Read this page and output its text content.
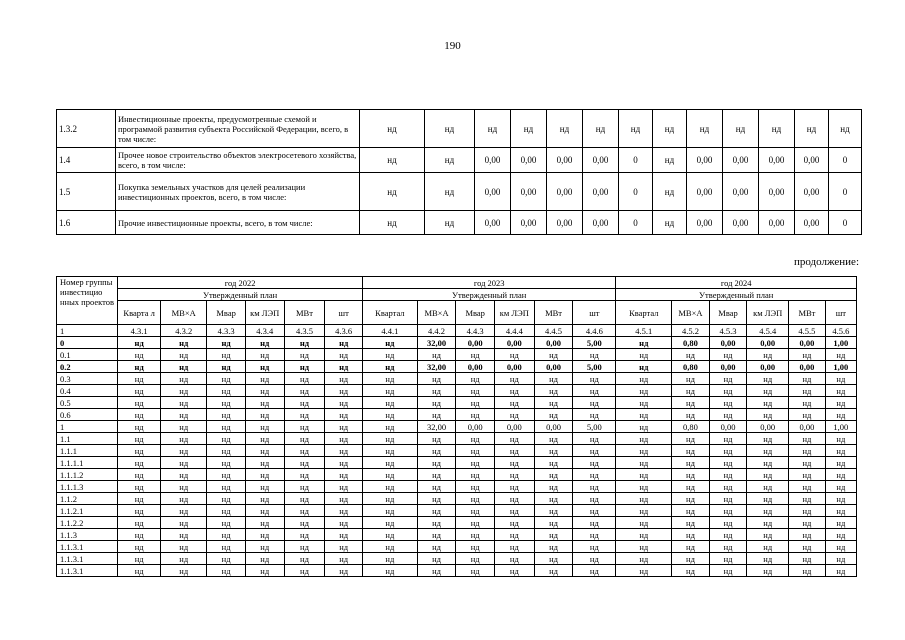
190
1.3.2	Инвестиционные проекты, предусмотренные схемой и программой развития субъекта Российской Федерации, всего, в том числе:	нд	нд	нд	нд	нд	нд	нд	нд	нд	нд	нд	нд	нд
1.4	Прочее новое строительство объектов электросетевого хозяйства, всего, в том числе:	нд	нд	0,00	0,00	0,00	0,00	0	нд	0,00	0,00	0,00	0,00	0
1.5	Покупка земельных участков для целей реализации инвестиционных проектов, всего, в том числе:	нд	нд	0,00	0,00	0,00	0,00	0	нд	0,00	0,00	0,00	0,00	0
1.6	Прочие инвестиционные проекты, всего, в том числе:	нд	нд	0,00	0,00	0,00	0,00	0	нд	0,00	0,00	0,00	0,00	0
продолжение:
Номер группы инвестицио нных проектов	год 2022						год 2023						год 2024					
	Утвержденный план						Утвержденный план						Утвержденный план					
	Кварта л	МВ×А	Мвар	км ЛЭП	МВт	шт	Квартал	МВ×А	Мвар	км ЛЭП	МВт	шт	Квартал	МВ×А	Мвар	км ЛЭП	МВт	шт
1	4.3.1	4.3.2	4.3.3	4.3.4	4.3.5	4.3.6	4.4.1	4.4.2	4.4.3	4.4.4	4.4.5	4.4.6	4.5.1	4.5.2	4.5.3	4.5.4	4.5.5	4.5.6
0	нд	нд	нд	нд	нд	нд	нд	32,00	0,00	0,00	0,00	5,00	нд	0,80	0,00	0,00	0,00	1,00
0.1	нд	нд	нд	нд	нд	нд	нд	нд	нд	нд	нд	нд	нд	нд	нд	нд	нд	нд
0.2	нд	нд	нд	нд	нд	нд	нд	32,00	0,00	0,00	0,00	5,00	нд	0,80	0,00	0,00	0,00	1,00
0.3	нд	нд	нд	нд	нд	нд	нд	нд	нд	нд	нд	нд	нд	нд	нд	нд	нд	нд
0.4	нд	нд	нд	нд	нд	нд	нд	нд	нд	нд	нд	нд	нд	нд	нд	нд	нд	нд
0.5	нд	нд	нд	нд	нд	нд	нд	нд	нд	нд	нд	нд	нд	нд	нд	нд	нд	нд
0.6	нд	нд	нд	нд	нд	нд	нд	нд	нд	нд	нд	нд	нд	нд	нд	нд	нд	нд
1	нд	нд	нд	нд	нд	нд	нд	32,00	0,00	0,00	0,00	5,00	нд	0,80	0,00	0,00	0,00	1,00
1.1	нд	нд	нд	нд	нд	нд	нд	нд	нд	нд	нд	нд	нд	нд	нд	нд	нд	нд
1.1.1	нд	нд	нд	нд	нд	нд	нд	нд	нд	нд	нд	нд	нд	нд	нд	нд	нд	нд
1.1.1.1	нд	нд	нд	нд	нд	нд	нд	нд	нд	нд	нд	нд	нд	нд	нд	нд	нд	нд
1.1.1.2	нд	нд	нд	нд	нд	нд	нд	нд	нд	нд	нд	нд	нд	нд	нд	нд	нд	нд
1.1.1.3	нд	нд	нд	нд	нд	нд	нд	нд	нд	нд	нд	нд	нд	нд	нд	нд	нд	нд
1.1.2	нд	нд	нд	нд	нд	нд	нд	нд	нд	нд	нд	нд	нд	нд	нд	нд	нд	нд
1.1.2.1	нд	нд	нд	нд	нд	нд	нд	нд	нд	нд	нд	нд	нд	нд	нд	нд	нд	нд
1.1.2.2	нд	нд	нд	нд	нд	нд	нд	нд	нд	нд	нд	нд	нд	нд	нд	нд	нд	нд
1.1.3	нд	нд	нд	нд	нд	нд	нд	нд	нд	нд	нд	нд	нд	нд	нд	нд	нд	нд
1.1.3.1	нд	нд	нд	нд	нд	нд	нд	нд	нд	нд	нд	нд	нд	нд	нд	нд	нд	нд
1.1.3.1	нд	нд	нд	нд	нд	нд	нд	нд	нд	нд	нд	нд	нд	нд	нд	нд	нд	нд
1.1.3.1	нд	нд	нд	нд	нд	нд	нд	нд	нд	нд	нд	нд	нд	нд	нд	нд	нд	нд
